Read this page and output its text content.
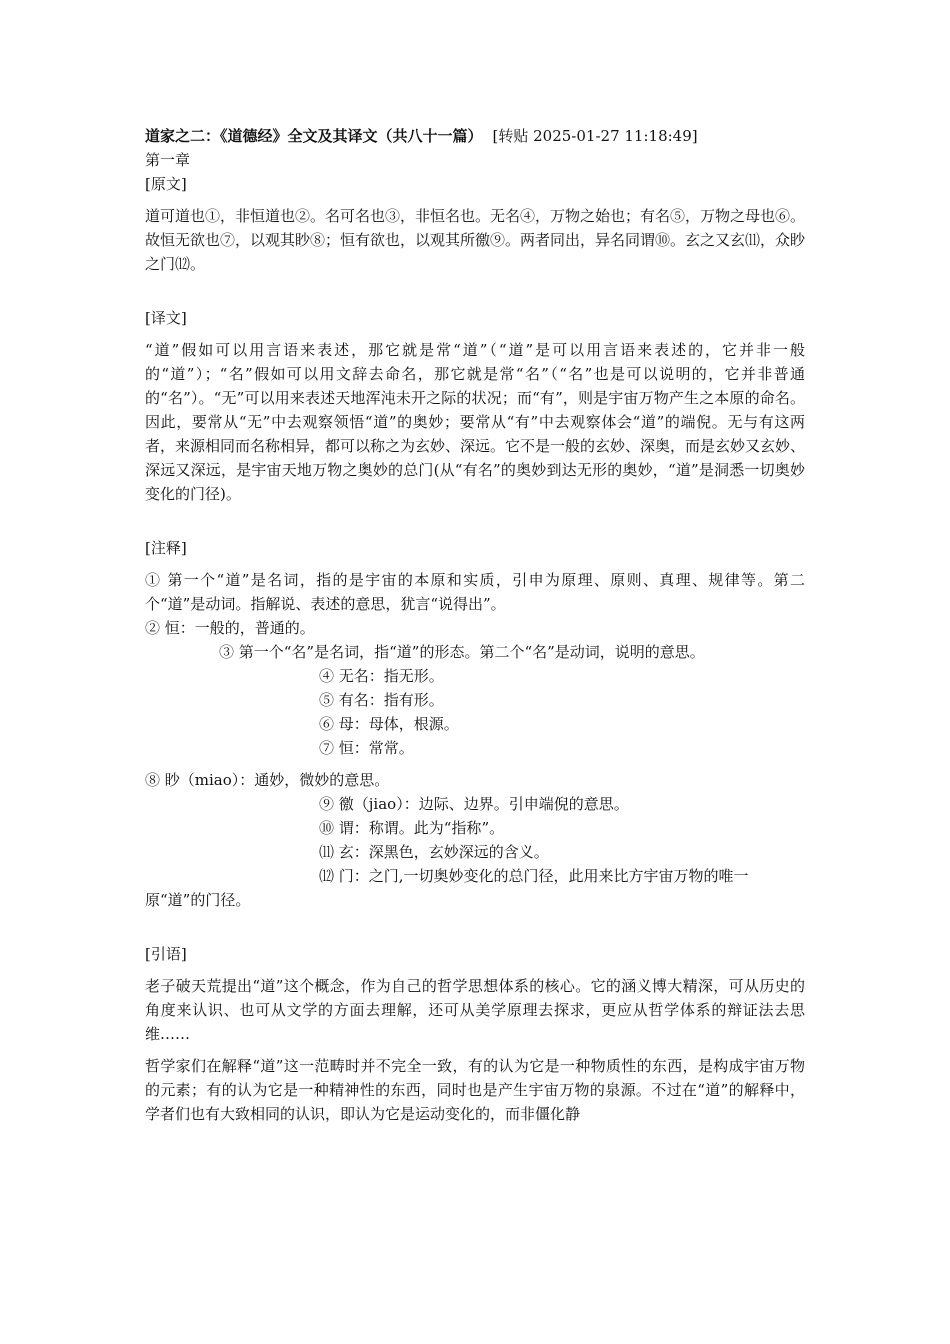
道家之二：《道德经》全文及其译文（共八十一篇） [转贴 2025-01-27 11:18:49]
第一章
[原文]

道可道也①，非恒道也②。名可名也③，非恒名也。无名④，万物之始也；有名⑤，万物之母也⑥。故恒无欲也⑦，以观其眇⑧；恒有欲也，以观其所徼⑨。两者同出，异名同谓⑩。玄之又玄⑾，众眇之门⑿。

[译文]

“道”假如可以用言语来表述，那它就是常“道”（“道”是可以用言语来表述的，它并非一般的“道”）；“名”假如可以用文辞去命名，那它就是常“名”（“名”也是可以说明的，它并非普通的“名”）。“无”可以用来表述天地浑沌未开之际的状况；而“有”，则是宇宙万物产生之本原的命名。因此，要常从“无”中去观察领悟“道”的奥妙；要常从“有”中去观察体会“道”的端倪。无与有这两者，来源相同而名称相异，都可以称之为玄妙、深远。它不是一般的玄妙、深奥，而是玄妙又玄妙、深远又深远，是宇宙天地万物之奥妙的总门(从“有名”的奥妙到达无形的奥妙，“道”是洞悉一切奥妙变化的门径)。

[注释]

① 第一个“道”是名词，指的是宇宙的本原和实质，引申为原理、原则、真理、规律等。第二个“道”是动词。指解说、表述的意思，犹言“说得出”。

② 恒：一般的，普通的。
③ 第一个“名”是名词，指“道”的形态。第二个“名”是动词，说明的意思。
④ 无名：指无形。
⑤ 有名：指有形。
⑥ 母：母体，根源。
⑦ 恒：常常。
⑧ 眇（miao）：通妙，微妙的意思。
⑨ 徼（jiao）：边际、边界。引申端倪的意思。
⑩ 谓：称谓。此为“指称”。
⑾ 玄：深黑色，玄妙深远的含义。
⑿ 门：之门,一切奥妙变化的总门径，此用来比方宇宙万物的唯一
原“道”的门径。
[引语]

老子破天荒提出“道”这个概念，作为自己的哲学思想体系的核心。它的涵义博大精深，可从历史的角度来认识、也可从文学的方面去理解，还可从美学原理去探求，更应从哲学体系的辩证法去思维……

哲学家们在解释“道”这一范畴时并不完全一致，有的认为它是一种物质性的东西，是构成宇宙万物的元素；有的认为它是一种精神性的东西，同时也是产生宇宙万物的泉源。不过在“道”的解释中，学者们也有大致相同的认识，即认为它是运动变化的，而非僵化静
